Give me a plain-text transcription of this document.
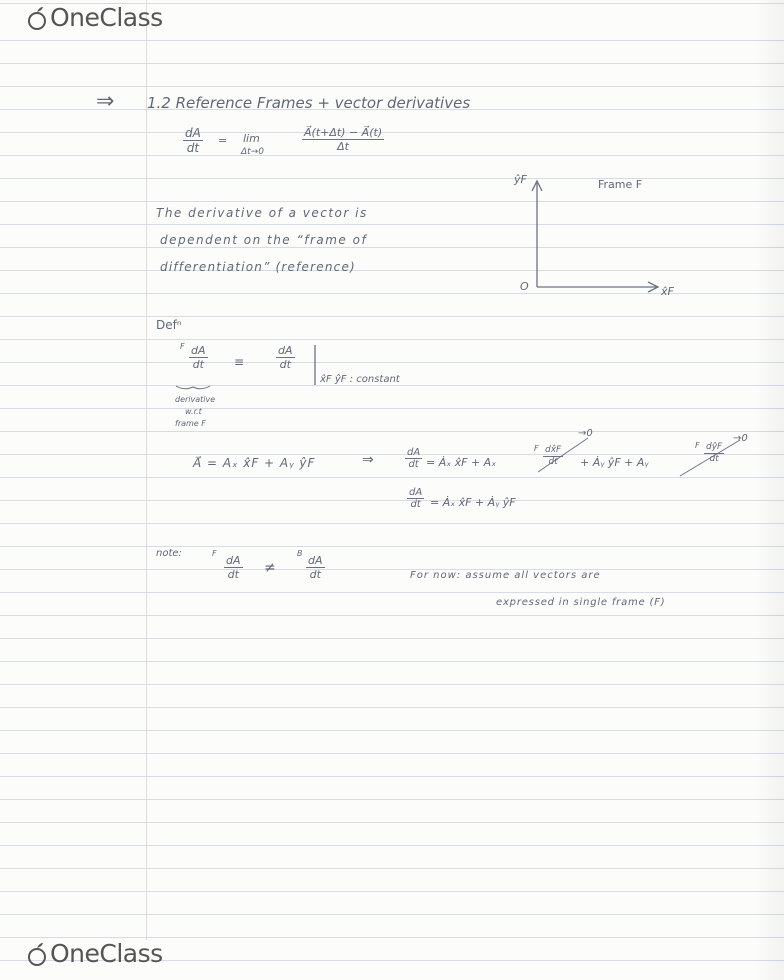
OneClass
⇒ 1.2 Reference Frames + vector derivatives
$\frac{dA}{dt} = \lim$
Δt→0	$\frac{A⃗(t+\Delta t) - A⃗(t)}{\Delta t}$
ŷF	Frame F
O	x̂F
The derivative of a vector is
dependent on the “frame of
differentiation” (reference)
Defⁿ
F $\frac{dA}{dt}$ ≡	$\frac{dA}{dt}$
x̂F ŷF : constant
derivative
w.r.t
frame F
A⃗ = Aₓ x̂F + Aᵧ ŷF	⇒	$\frac{dA}{dt}$ = Ȧₓ x̂F + Aₓ
F $\frac{dx̂F}{dt}$
→0
+ Ȧᵧ ŷF + Aᵧ
F dŷF
dt
→0
$\frac{dA}{dt}$ = Ȧₓ x̂F + Ȧᵧ ŷF
note:	F
$\frac{dA}{dt}$ ≠
B
$\frac{dA}{dt}$	For now: assume all vectors are
expressed in single frame (F)
OneClass
